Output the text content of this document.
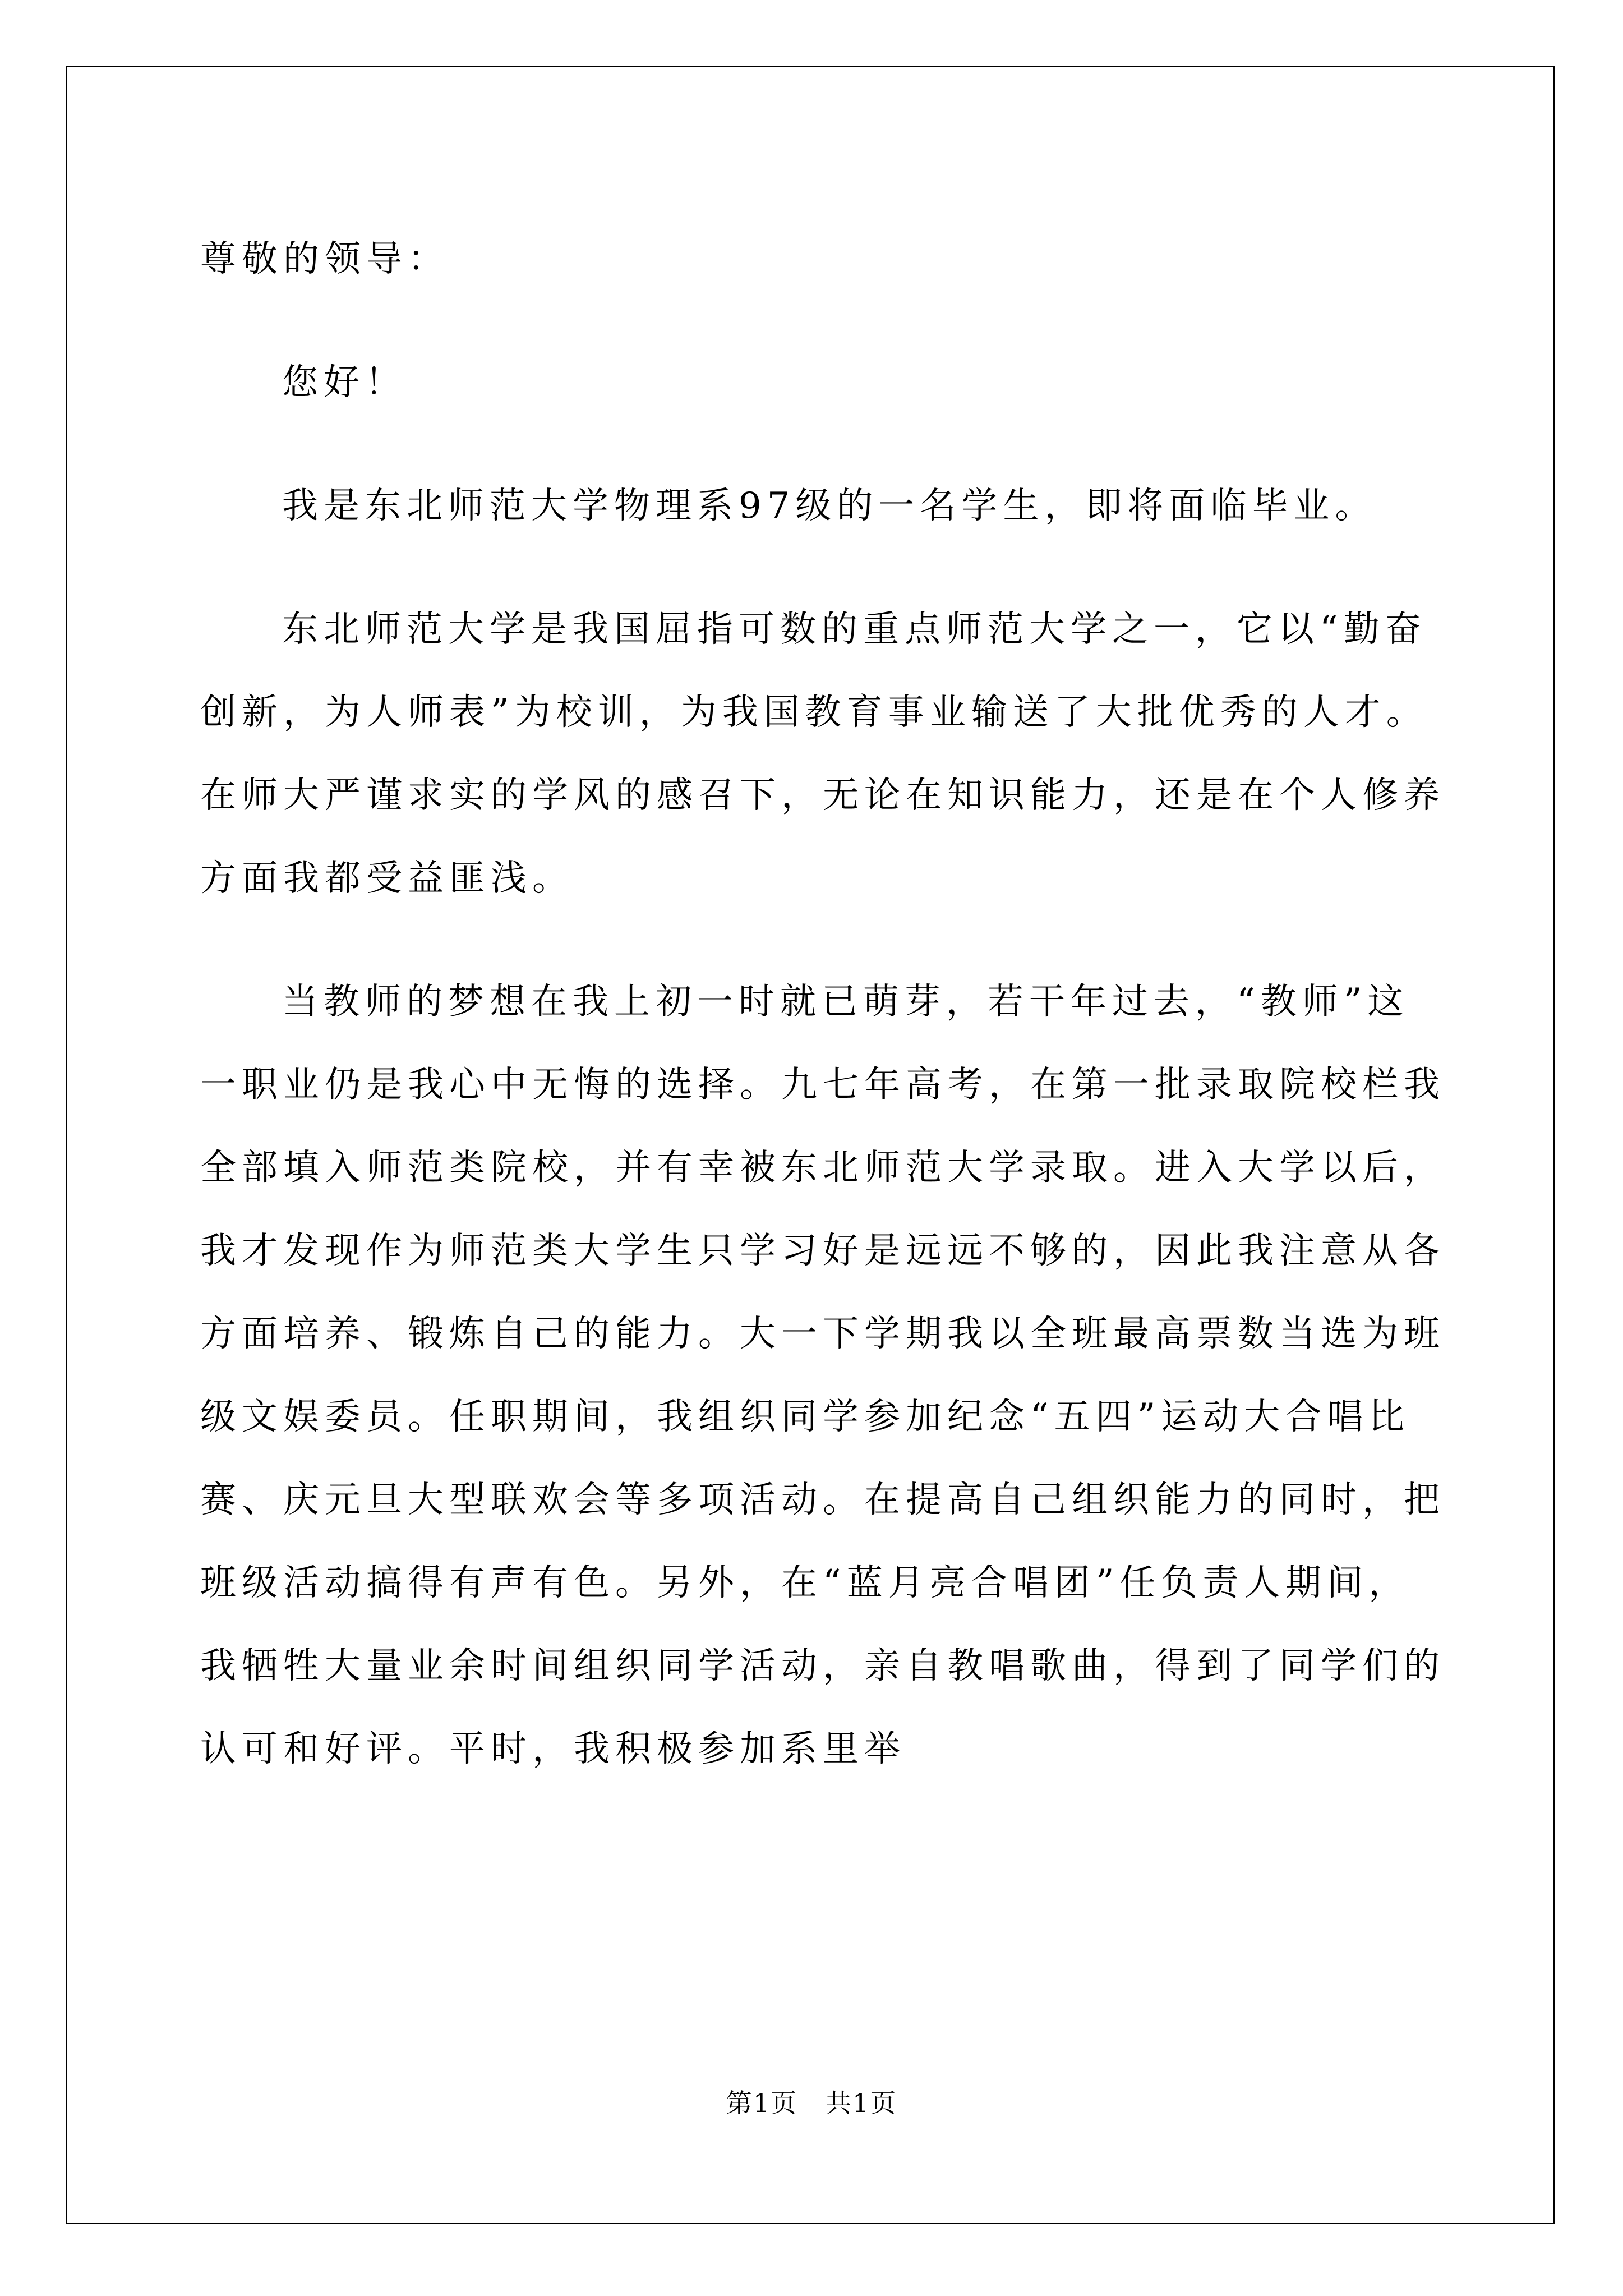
尊敬的领导：
您好！
我是东北师范大学物理系97级的一名学生，即将面临毕业。
东北师范大学是我国屈指可数的重点师范大学之一，它以“勤奋
创新，为人师表”为校训，为我国教育事业输送了大批优秀的人才。
在师大严谨求实的学风的感召下，无论在知识能力，还是在个人修养
方面我都受益匪浅。
当教师的梦想在我上初一时就已萌芽，若干年过去，“教师”这
一职业仍是我心中无悔的选择。九七年高考，在第一批录取院校栏我
全部填入师范类院校，并有幸被东北师范大学录取。进入大学以后，
我才发现作为师范类大学生只学习好是远远不够的，因此我注意从各
方面培养、锻炼自己的能力。大一下学期我以全班最高票数当选为班
级文娱委员。任职期间，我组织同学参加纪念“五四”运动大合唱比
赛、庆元旦大型联欢会等多项活动。在提高自己组织能力的同时，把
班级活动搞得有声有色。另外，在“蓝月亮合唱团”任负责人期间，
我牺牲大量业余时间组织同学活动，亲自教唱歌曲，得到了同学们的
认可和好评。平时，我积极参加系里举
第1页 共1页
